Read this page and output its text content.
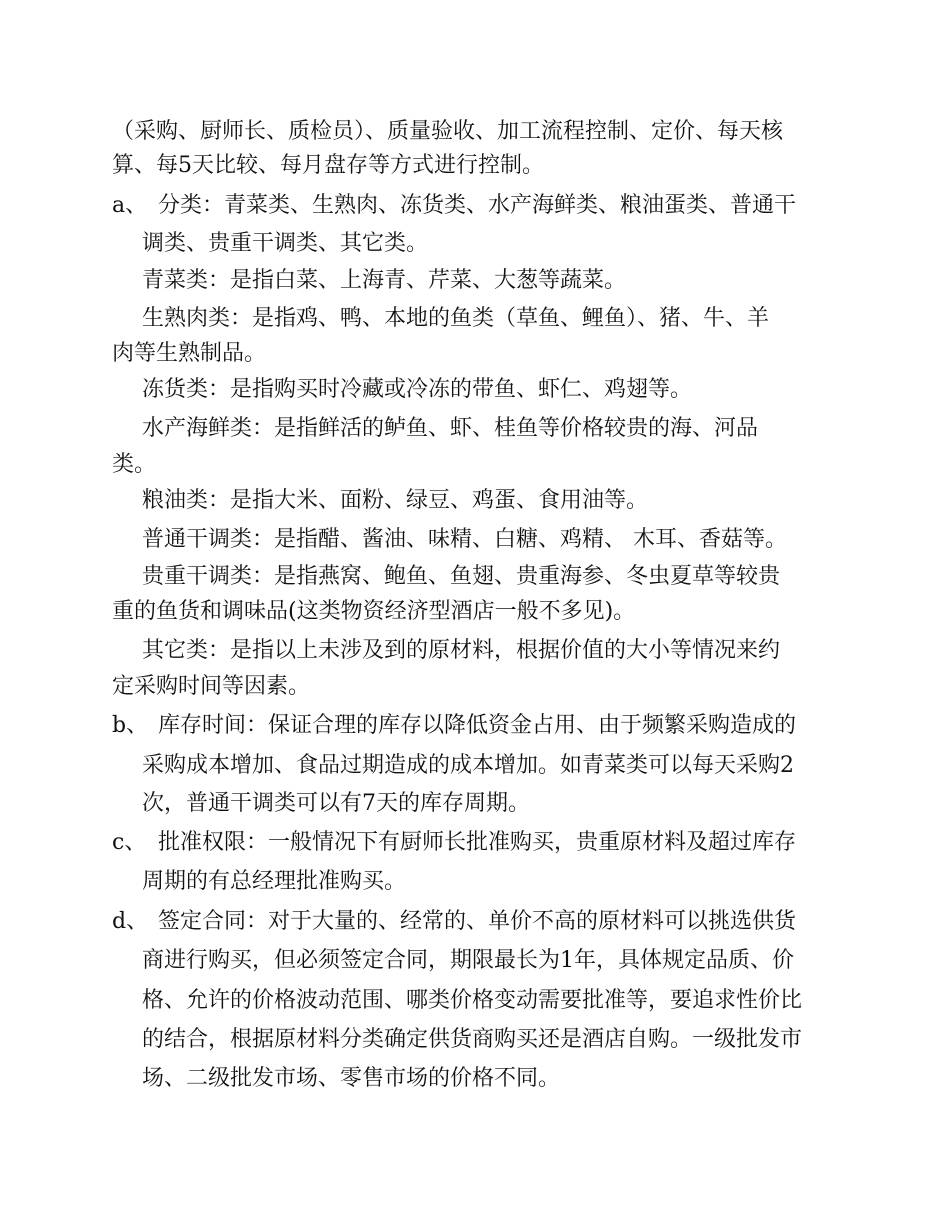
（采购、厨师长、质检员）、质量验收、加工流程控制、定价、每天核
算、每5天比较、每月盘存等方式进行控制。
a、 分类：青菜类、生熟肉、冻货类、水产海鲜类、粮油蛋类、普通干
调类、贵重干调类、其它类。
青菜类：是指白菜、上海青、芹菜、大葱等蔬菜。
生熟肉类：是指鸡、鸭、本地的鱼类（草鱼、鲤鱼）、猪、牛、羊
肉等生熟制品。
冻货类：是指购买时冷藏或冷冻的带鱼、虾仁、鸡翅等。
水产海鲜类：是指鲜活的鲈鱼、虾、桂鱼等价格较贵的海、河品
类。
粮油类：是指大米、面粉、绿豆、鸡蛋、食用油等。
普通干调类：是指醋、酱油、味精、白糖、鸡精、 木耳、香菇等。
贵重干调类：是指燕窝、鲍鱼、鱼翅、贵重海参、冬虫夏草等较贵
重的鱼货和调味品(这类物资经济型酒店一般不多见)。
其它类：是指以上未涉及到的原材料，根据价值的大小等情况来约
定采购时间等因素。
b、 库存时间：保证合理的库存以降低资金占用、由于频繁采购造成的
采购成本增加、食品过期造成的成本增加。如青菜类可以每天采购2
次，普通干调类可以有7天的库存周期。
c、 批准权限：一般情况下有厨师长批准购买，贵重原材料及超过库存
周期的有总经理批准购买。
d、 签定合同：对于大量的、经常的、单价不高的原材料可以挑选供货
商进行购买，但必须签定合同，期限最长为1年，具体规定品质、价
格、允许的价格波动范围、哪类价格变动需要批准等，要追求性价比
的结合，根据原材料分类确定供货商购买还是酒店自购。一级批发市
场、二级批发市场、零售市场的价格不同。
